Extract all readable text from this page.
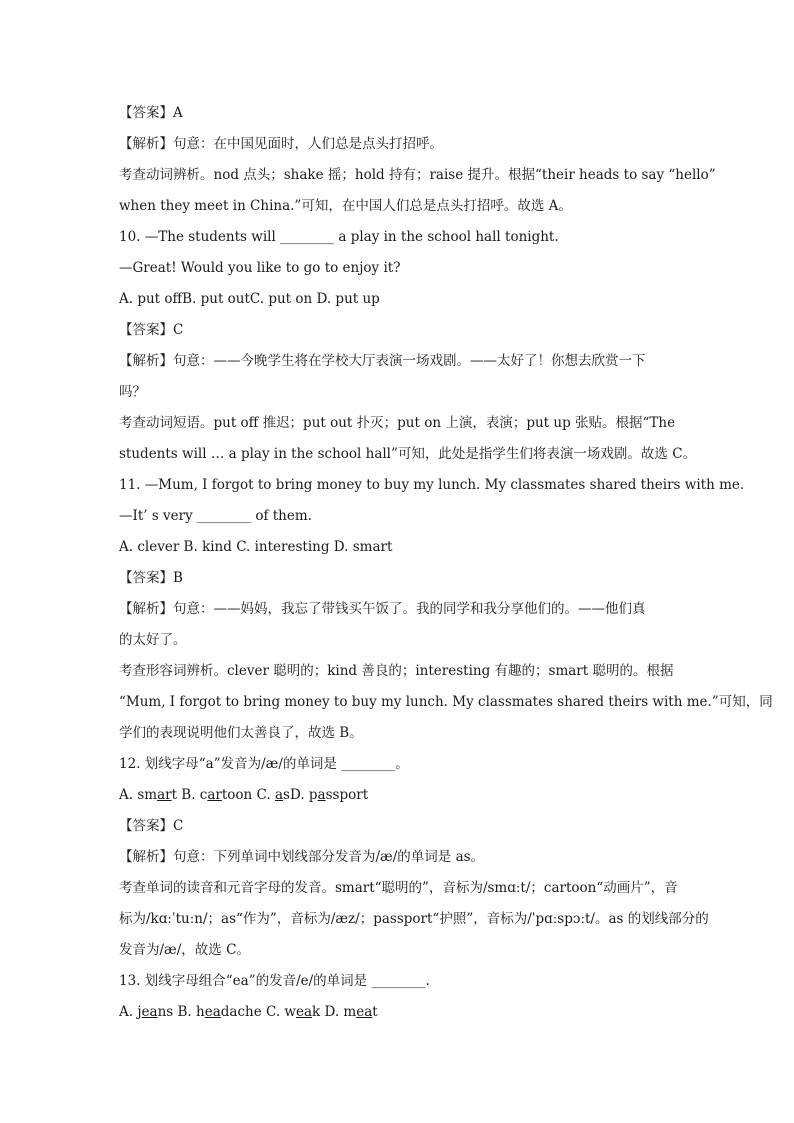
【答案】A
【解析】句意：在中国见面时，人们总是点头打招呼。
考查动词辨析。nod 点头；shake 摇；hold 持有；raise 提升。根据“their heads to say “hello”
when they meet in China.”可知，在中国人们总是点头打招呼。故选 A。
10. —The students will ________ a play in the school hall tonight.
—Great! Would you like to go to enjoy it?
A. put offB. put outC. put on D. put up
【答案】C
【解析】句意：——今晚学生将在学校大厅表演一场戏剧。——太好了！你想去欣赏一下
吗？
考查动词短语。put off 推迟；put out 扑灭；put on 上演，表演；put up 张贴。根据“The
students will … a play in the school hall”可知，此处是指学生们将表演一场戏剧。故选 C。
11. —Mum, I forgot to bring money to buy my lunch. My classmates shared theirs with me.
—It’ s very ________ of them.
A. clever B. kind C. interesting D. smart
【答案】B
【解析】句意：——妈妈，我忘了带钱买午饭了。我的同学和我分享他们的。——他们真
的太好了。
考查形容词辨析。clever 聪明的；kind 善良的；interesting 有趣的；smart 聪明的。根据
“Mum, I forgot to bring money to buy my lunch. My classmates shared theirs with me.”可知，同
学们的表现说明他们太善良了，故选 B。
12. 划线字母“a”发音为/æ/的单词是 ________。
A. smart B. cartoon C. asD. passport
【答案】C
【解析】句意：下列单词中划线部分发音为/æ/的单词是 as。
考查单词的读音和元音字母的发音。smart“聪明的”，音标为/smɑːt/；cartoon“动画片”，音
标为/kɑːˈtuːn/；as“作为”，音标为/æz/；passport“护照”，音标为/ˈpɑːspɔːt/。as 的划线部分的
发音为/æ/，故选 C。
13. 划线字母组合“ea”的发音/e/的单词是 ________.
A. jeans B. headache C. weak D. meat
